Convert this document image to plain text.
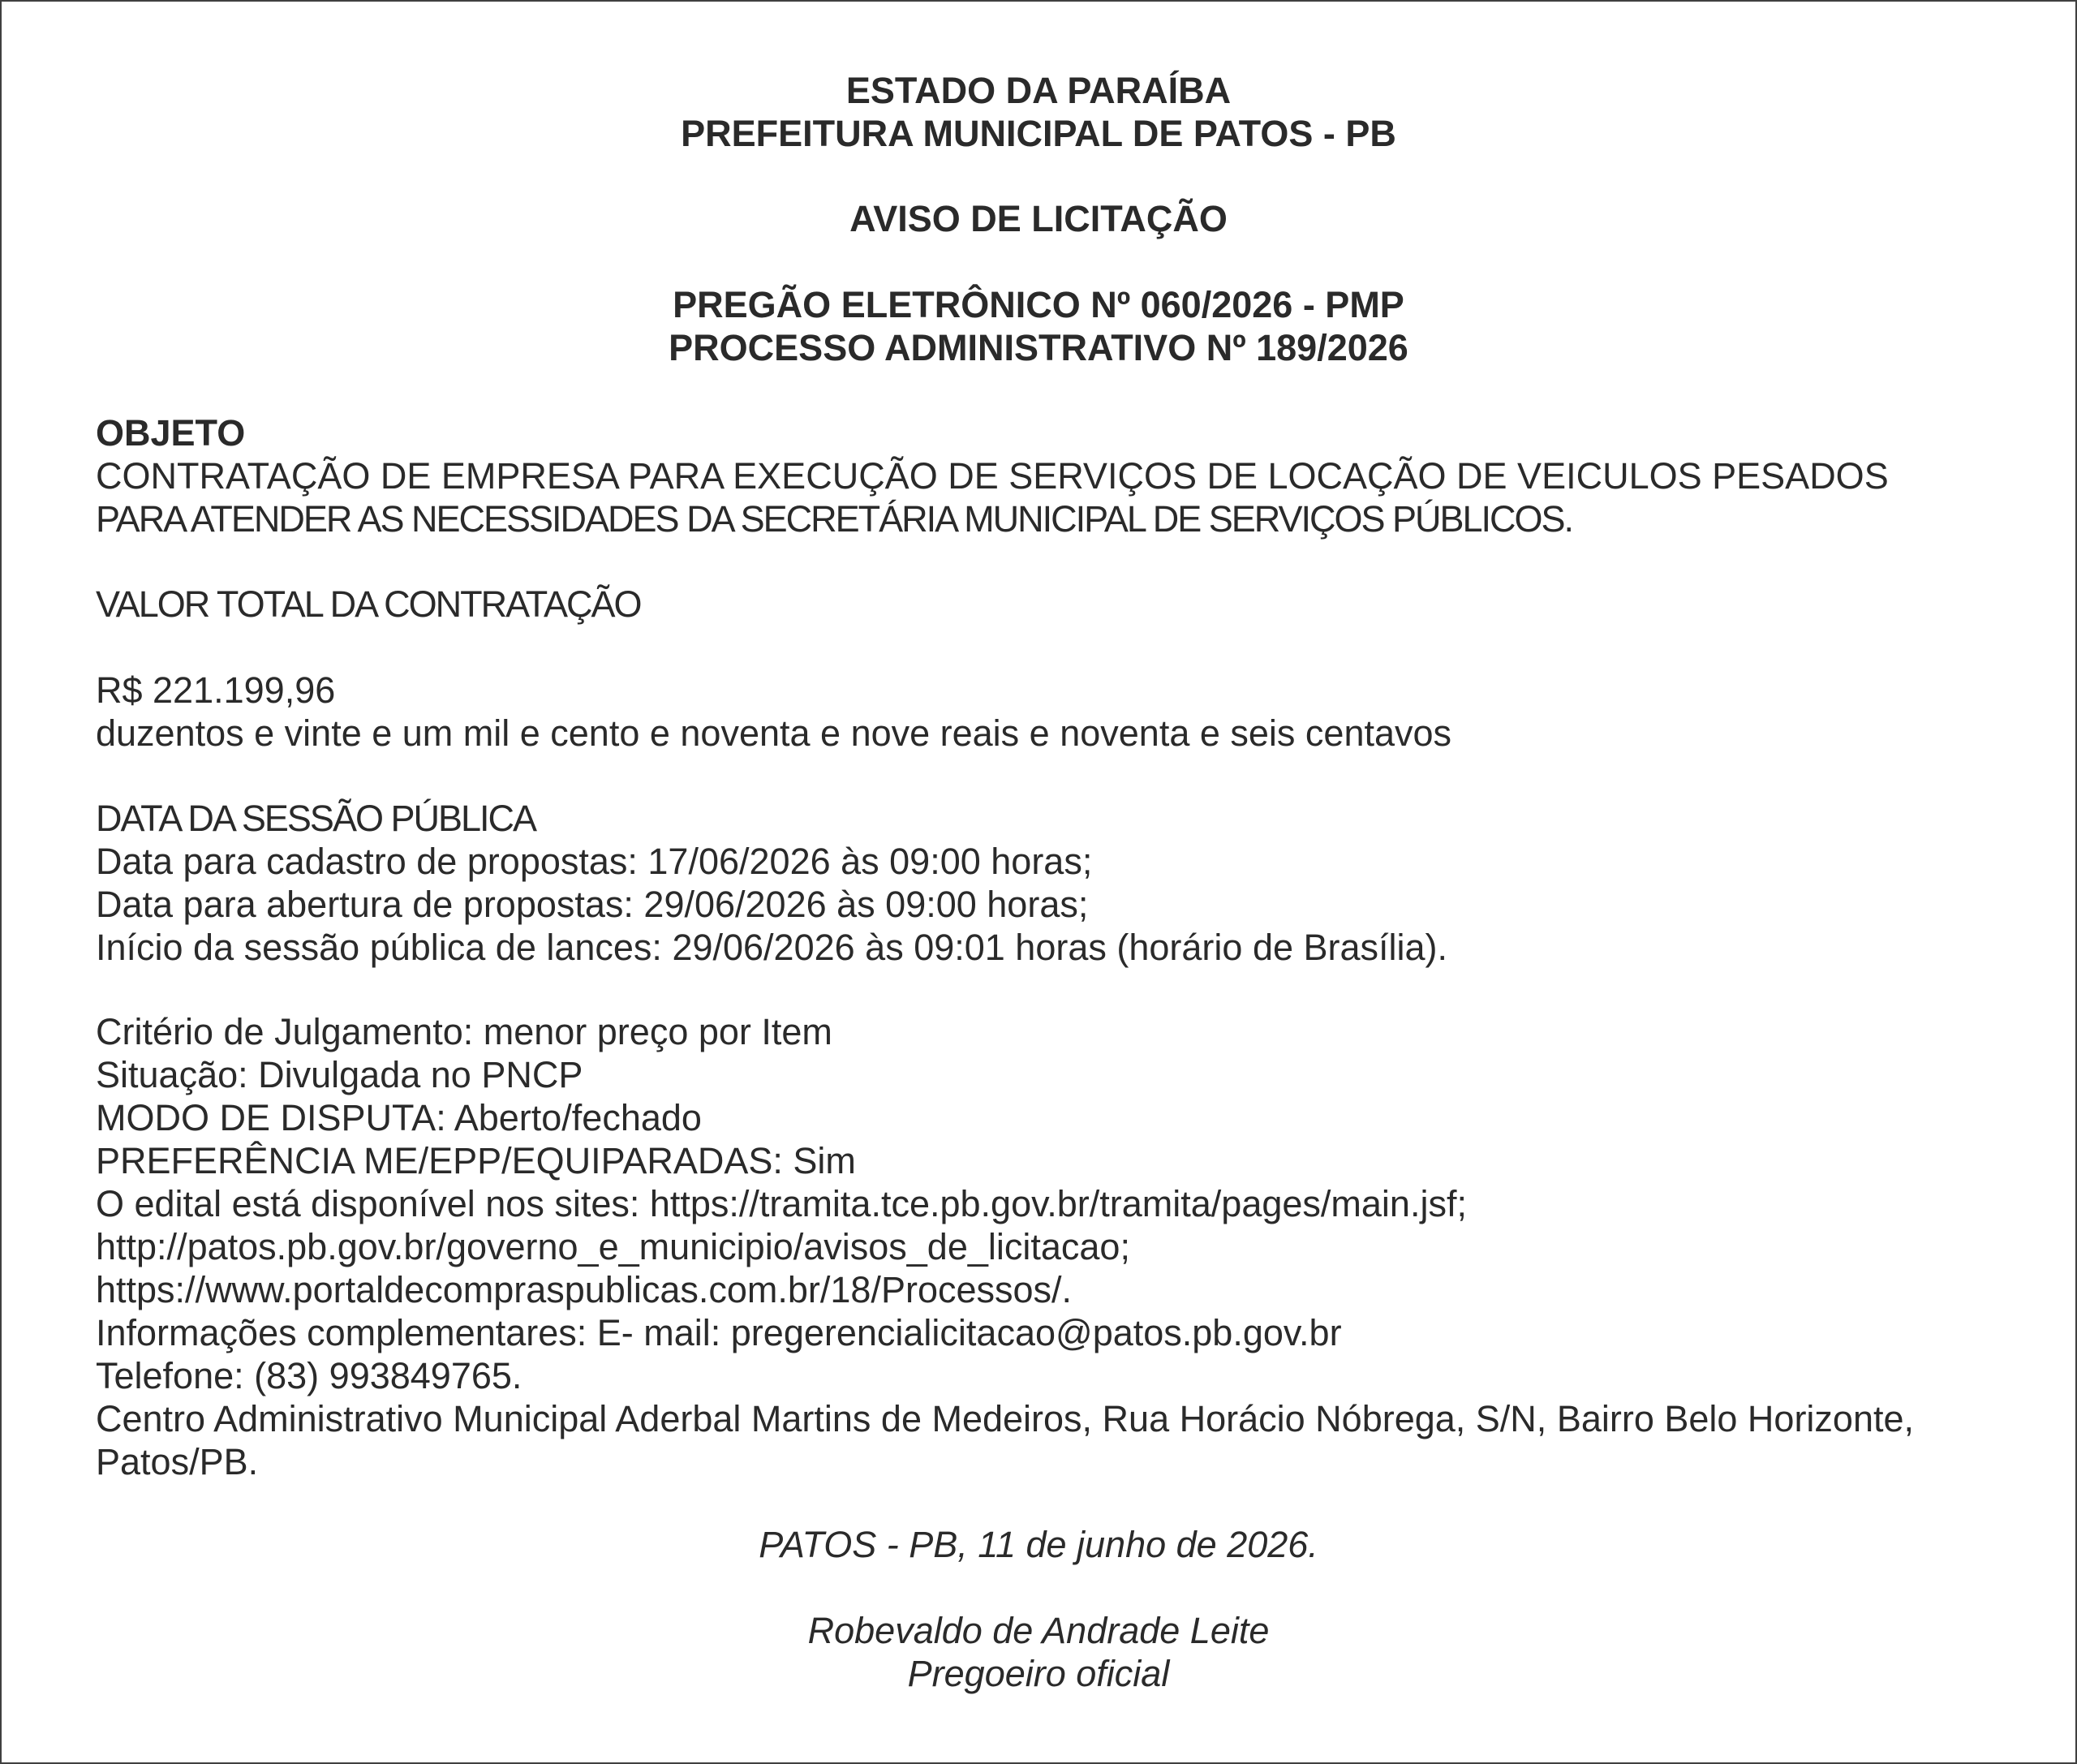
ESTADO DA PARAÍBA
PREFEITURA MUNICIPAL DE PATOS - PB
AVISO DE LICITAÇÃO
PREGÃO ELETRÔNICO Nº 060/2026 - PMP
PROCESSO ADMINISTRATIVO Nº 189/2026
OBJETO
CONTRATAÇÃO DE EMPRESA PARA EXECUÇÃO DE SERVIÇOS DE LOCAÇÃO DE VEICULOS PESADOS
PARA ATENDER AS NECESSIDADES DA SECRETÁRIA MUNICIPAL DE SERVIÇOS PÚBLICOS.
VALOR TOTAL DA CONTRATAÇÃO
R$ 221.199,96
duzentos e vinte e um mil e cento e noventa e nove reais e noventa e seis centavos
DATA DA SESSÃO PÚBLICA
Data para cadastro de propostas: 17/06/2026 às 09:00 horas;
Data para abertura de propostas: 29/06/2026 às 09:00 horas;
Início da sessão pública de lances: 29/06/2026 às 09:01 horas (horário de Brasília).
Critério de Julgamento: menor preço por Item
Situação: Divulgada no PNCP
MODO DE DISPUTA: Aberto/fechado
PREFERÊNCIA ME/EPP/EQUIPARADAS: Sim
O edital está disponível nos sites: https://tramita.tce.pb.gov.br/tramita/pages/main.jsf;
http://patos.pb.gov.br/governo_e_municipio/avisos_de_licitacao;
https://www.portaldecompraspublicas.com.br/18/Processos/.
Informações complementares: E- mail: pregerencialicitacao@patos.pb.gov.br
Telefone: (83) 993849765.
Centro Administrativo Municipal Aderbal Martins de Medeiros, Rua Horácio Nóbrega, S/N, Bairro Belo Horizonte, Patos/PB.
PATOS - PB, 11 de junho de 2026.
Robevaldo de Andrade Leite
Pregoeiro oficial
